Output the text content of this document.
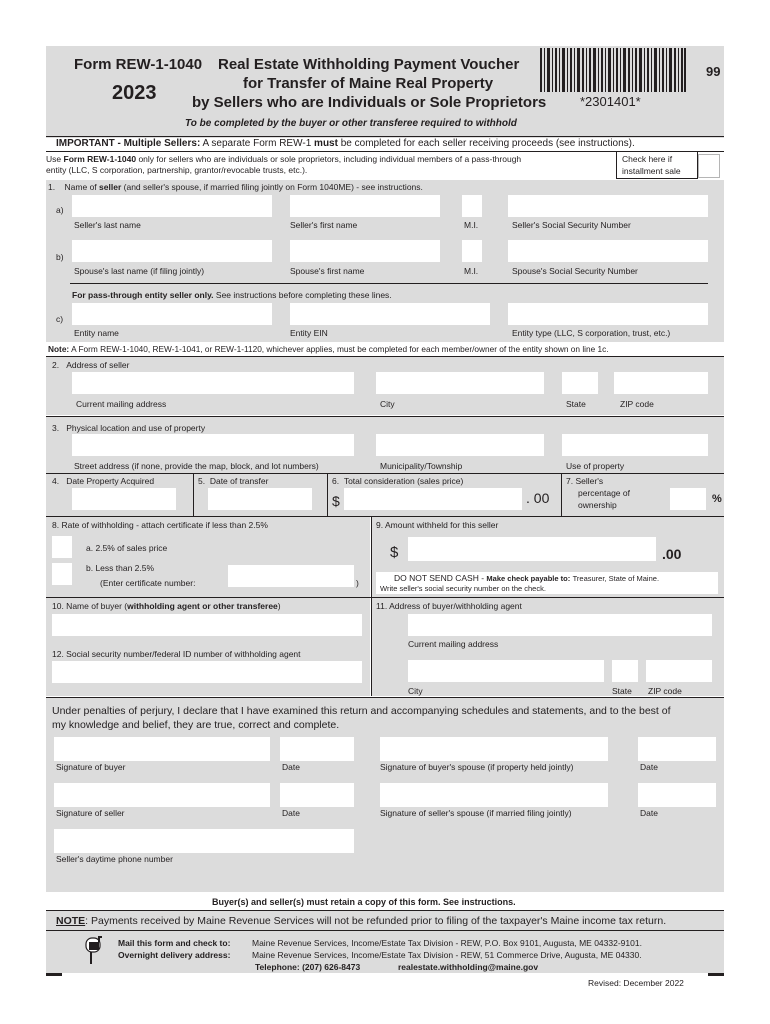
Form REW-1-1040
2023
Real Estate Withholding Payment Voucher
for Transfer of Maine Real Property
by Sellers who are Individuals or Sole Proprietors
99
*2301401*
To be completed by the buyer or other transferee required to withhold
IMPORTANT - Multiple Sellers: A separate Form REW-1 must be completed for each seller receiving proceeds (see instructions).
Use Form REW-1-1040 only for sellers who are individuals or sole proprietors, including individual members of a pass-through
entity (LLC, S corporation, partnership, grantor/revocable trusts, etc.).
Check here if
installment sale
1. Name of seller (and seller's spouse, if married filing jointly on Form 1040ME) - see instructions.
a)
Seller's last name	Seller's first name	M.I.	Seller's Social Security Number
b)
Spouse's last name (if filing jointly)	Spouse's first name	M.I.	Spouse's Social Security Number
For pass-through entity seller only. See instructions before completing these lines.
c)
Entity name	Entity EIN	Entity type (LLC, S corporation, trust, etc.)
Note: A Form REW-1-1040, REW-1-1041, or REW-1-1120, whichever applies, must be completed for each member/owner of the entity shown on line 1c.
2. Address of seller
Current mailing address	City	State	ZIP code
3. Physical location and use of property
Street address (if none, provide the map, block, and lot numbers)	Municipality/Township	Use of property
4. Date Property Acquired	5. Date of transfer	6. Total consideration (sales price)
$	. 00
7. Seller's
percentage of
ownership	%
8. Rate of withholding - attach certificate if less than 2.5%
a. 2.5% of sales price
b. Less than 2.5%
(Enter certificate number:	)
9. Amount withheld for this seller
$	.00
DO NOT SEND CASH - Make check payable to: Treasurer, State of Maine.
Write seller's social security number on the check.
10. Name of buyer (withholding agent or other transferee)
12. Social security number/federal ID number of withholding agent
11. Address of buyer/withholding agent
Current mailing address
City	State ZIP code
Under penalties of perjury, I declare that I have examined this return and accompanying schedules and statements, and to the best of
my knowledge and belief, they are true, correct and complete.
Signature of buyer	Date	Signature of buyer's spouse (if property held jointly)	Date
Signature of seller	Date	Signature of seller's spouse (if married filing jointly)	Date
Seller's daytime phone number
Buyer(s) and seller(s) must retain a copy of this form. See instructions.
NOTE: Payments received by Maine Revenue Services will not be refunded prior to filing of the taxpayer's Maine income tax return.
Mail this form and check to:	Maine Revenue Services, Income/Estate Tax Division - REW, P.O. Box 9101, Augusta, ME 04332-9101.
Overnight delivery address:	Maine Revenue Services, Income/Estate Tax Division - REW, 51 Commerce Drive, Augusta, ME 04330.
Telephone: (207) 626-8473	realestate.withholding@maine.gov
Revised: December 2022
